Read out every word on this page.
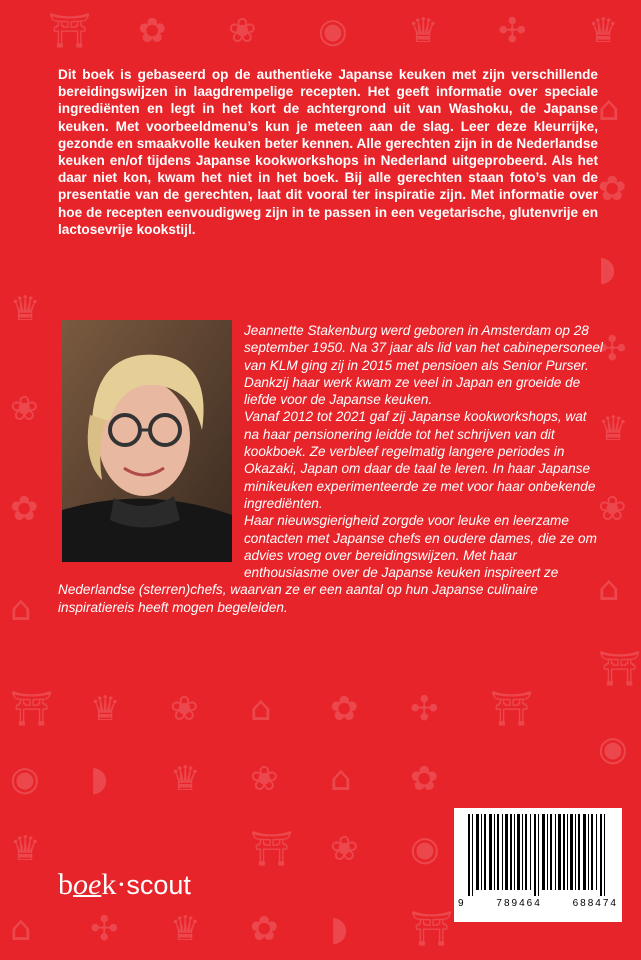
⛩ ✿ ❀ ◉ ♛ ✣ ♛
⌂
✿
◗
✣
♛
❀
⌂
⛩
◉
⛩ ♛ ❀ ⌂ ✿ ✣ ⛩
◉ ◗ ♛ ❀ ⌂ ✿
♛	⛩ ❀ ◉
⌂ ✣ ♛ ✿ ◗ ⛩
♛
❀
✿
⌂

Dit boek is gebaseerd op de authentieke Japanse keuken met zijn verschillende bereidingswijzen in laagdrempelige recepten. Het geeft informatie over speciale ingrediënten en legt in het kort de achtergrond uit van Washoku, de Japanse keuken. Met voorbeeldmenu’s kun je meteen aan de slag. Leer deze kleurrijke, gezonde en smaakvolle keuken beter kennen. Alle gerechten zijn in de Nederlandse keuken en/of tijdens Japanse kookworkshops in Nederland uitgeprobeerd. Als het daar niet kon, kwam het niet in het boek. Bij alle gerechten staan foto’s van de presentatie van de gerechten, laat dit vooral ter inspiratie zijn. Met informatie over hoe de recepten eenvoudigweg zijn in te passen in een vegetarische, glutenvrije en lactosevrije kookstijl.

Jeannette Stakenburg werd geboren in Amsterdam op 28 september 1950. Na 37 jaar als lid van het cabinepersoneel van KLM ging zij in 2015 met pensioen als Senior Purser. Dankzij haar werk kwam ze veel in Japan en groeide de liefde voor de Japanse keuken.
Vanaf 2012 tot 2021 gaf zij Japanse kookworkshops, wat na haar pensionering leidde tot het schrijven van dit kookboek. Ze verbleef regelmatig langere periodes in Okazaki, Japan om daar de taal te leren. In haar Japanse minikeuken experimenteerde ze met voor haar onbekende ingrediënten.
Haar nieuwsgierigheid zorgde voor leuke en leerzame contacten met Japanse chefs en oudere dames, die ze om advies vroeg over bereidingswijzen. Met haar enthousiasme over de Japanse keuken inspireert ze Nederlandse (sterren)chefs, waarvan ze er een aantal op hun Japanse culinaire inspiratiereis heeft mogen begeleiden.
9	789464	688474
boek·scout
